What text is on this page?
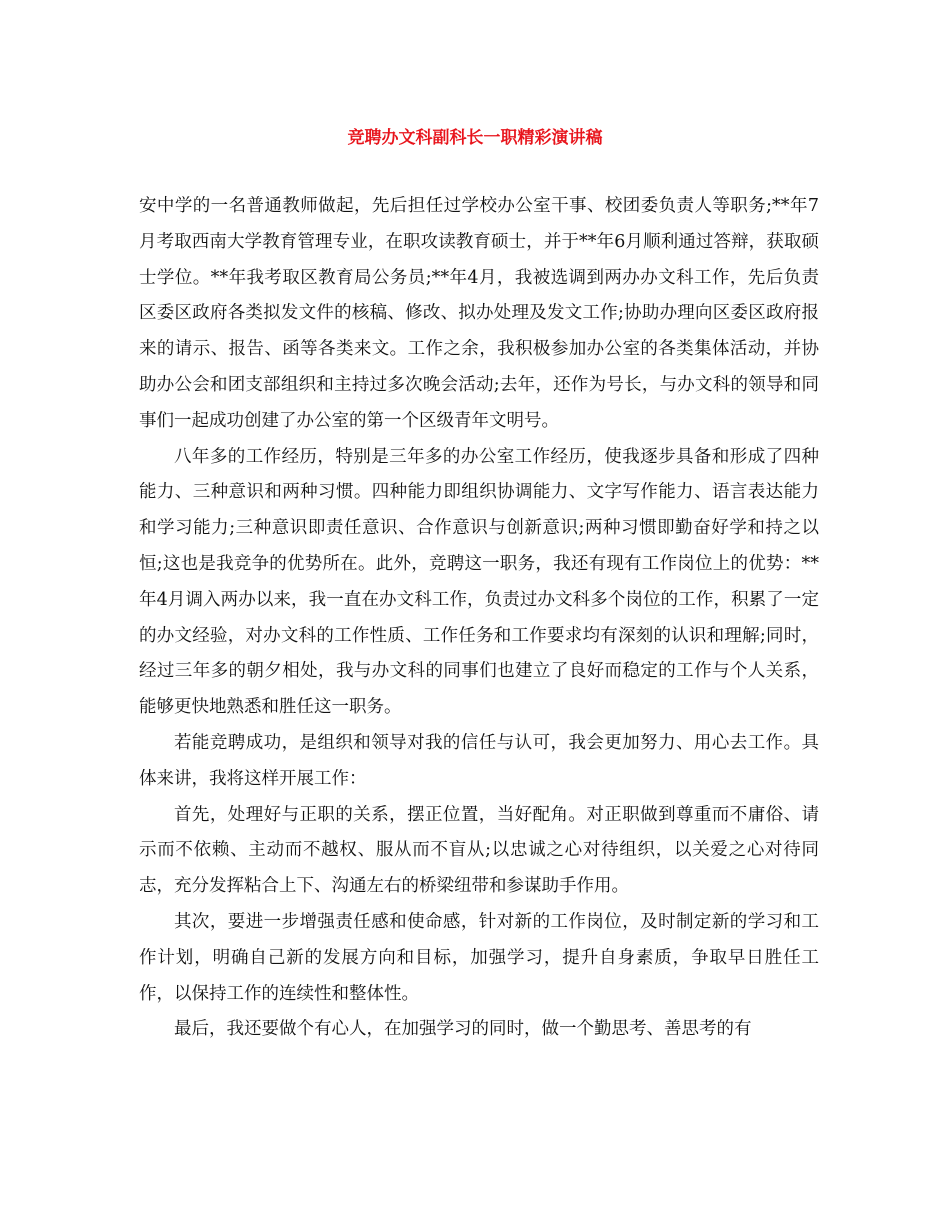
竞聘办文科副科长一职精彩演讲稿

安中学的一名普通教师做起，先后担任过学校办公室干事、校团委负责人等职务;**年7月考取西南大学教育管理专业，在职攻读教育硕士，并于**年6月顺利通过答辩，获取硕士学位。**年我考取区教育局公务员;**年4月，我被选调到两办办文科工作，先后负责区委区政府各类拟发文件的核稿、修改、拟办处理及发文工作;协助办理向区委区政府报来的请示、报告、函等各类来文。工作之余，我积极参加办公室的各类集体活动，并协助办公会和团支部组织和主持过多次晚会活动;去年，还作为号长，与办文科的领导和同事们一起成功创建了办公室的第一个区级青年文明号。

八年多的工作经历，特别是三年多的办公室工作经历，使我逐步具备和形成了四种能力、三种意识和两种习惯。四种能力即组织协调能力、文字写作能力、语言表达能力和学习能力;三种意识即责任意识、合作意识与创新意识;两种习惯即勤奋好学和持之以恒;这也是我竞争的优势所在。此外，竞聘这一职务，我还有现有工作岗位上的优势：**年4月调入两办以来，我一直在办文科工作，负责过办文科多个岗位的工作，积累了一定的办文经验，对办文科的工作性质、工作任务和工作要求均有深刻的认识和理解;同时，经过三年多的朝夕相处，我与办文科的同事们也建立了良好而稳定的工作与个人关系，能够更快地熟悉和胜任这一职务。

若能竞聘成功，是组织和领导对我的信任与认可，我会更加努力、用心去工作。具体来讲，我将这样开展工作：

首先，处理好与正职的关系，摆正位置，当好配角。对正职做到尊重而不庸俗、请示而不依赖、主动而不越权、服从而不盲从;以忠诚之心对待组织，以关爱之心对待同志，充分发挥粘合上下、沟通左右的桥梁纽带和参谋助手作用。

其次，要进一步增强责任感和使命感，针对新的工作岗位，及时制定新的学习和工作计划，明确自己新的发展方向和目标，加强学习，提升自身素质，争取早日胜任工作，以保持工作的连续性和整体性。

最后，我还要做个有心人，在加强学习的同时，做一个勤思考、善思考的有
